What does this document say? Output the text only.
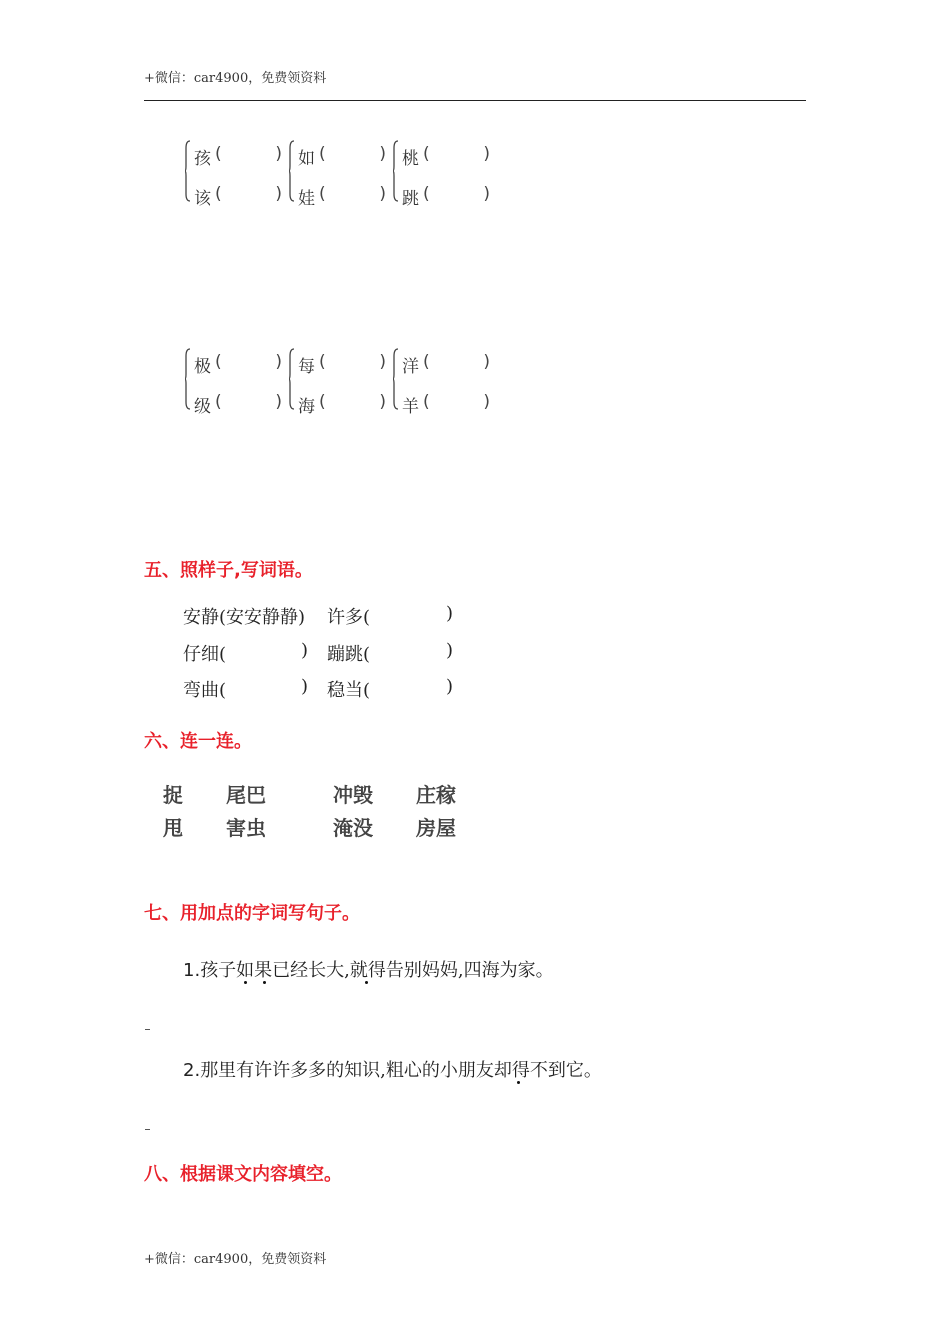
+微信：car4900，免费领资料
孩 (	)
该 (	)
如 (	)
娃 (	)
桃 (	)
跳 (	)
极 (	)
级 (	)
每 (	)
海 (	)
洋 (	)
羊 (	)
五、照样子,写词语。
安静(安安静静) 许多(	)
仔细(	) 蹦跳(	)
弯曲(	) 稳当(	)
六、连一连。
捉 尾巴	冲毁 庄稼
甩 害虫	淹没 房屋
七、用加点的字词写句子。
1.孩子如果已经长大,就得告别妈妈,四海为家。
2.那里有许许多多的知识,粗心的小朋友却得不到它。
八、根据课文内容填空。
+微信：car4900，免费领资料
